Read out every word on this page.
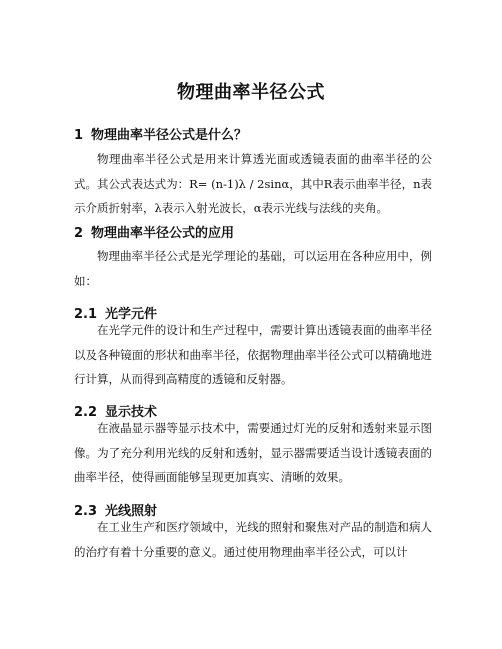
物理曲率半径公式
1 物理曲率半径公式是什么？

物理曲率半径公式是用来计算透光面或透镜表面的曲率半径的公式。其公式表达式为：R= (n-1)λ / 2sinα，其中R表示曲率半径，n表示介质折射率，λ表示入射光波长，α表示光线与法线的夹角。

2 物理曲率半径公式的应用

物理曲率半径公式是光学理论的基础，可以运用在各种应用中，例如：

2.1 光学元件

在光学元件的设计和生产过程中，需要计算出透镜表面的曲率半径以及各种镜面的形状和曲率半径，依据物理曲率半径公式可以精确地进行计算，从而得到高精度的透镜和反射器。

2.2 显示技术

在液晶显示器等显示技术中，需要通过灯光的反射和透射来显示图像。为了充分利用光线的反射和透射，显示器需要适当设计透镜表面的曲率半径，使得画面能够呈现更加真实、清晰的效果。

2.3 光线照射

在工业生产和医疗领域中，光线的照射和聚焦对产品的制造和病人的治疗有着十分重要的意义。通过使用物理曲率半径公式，可以计
